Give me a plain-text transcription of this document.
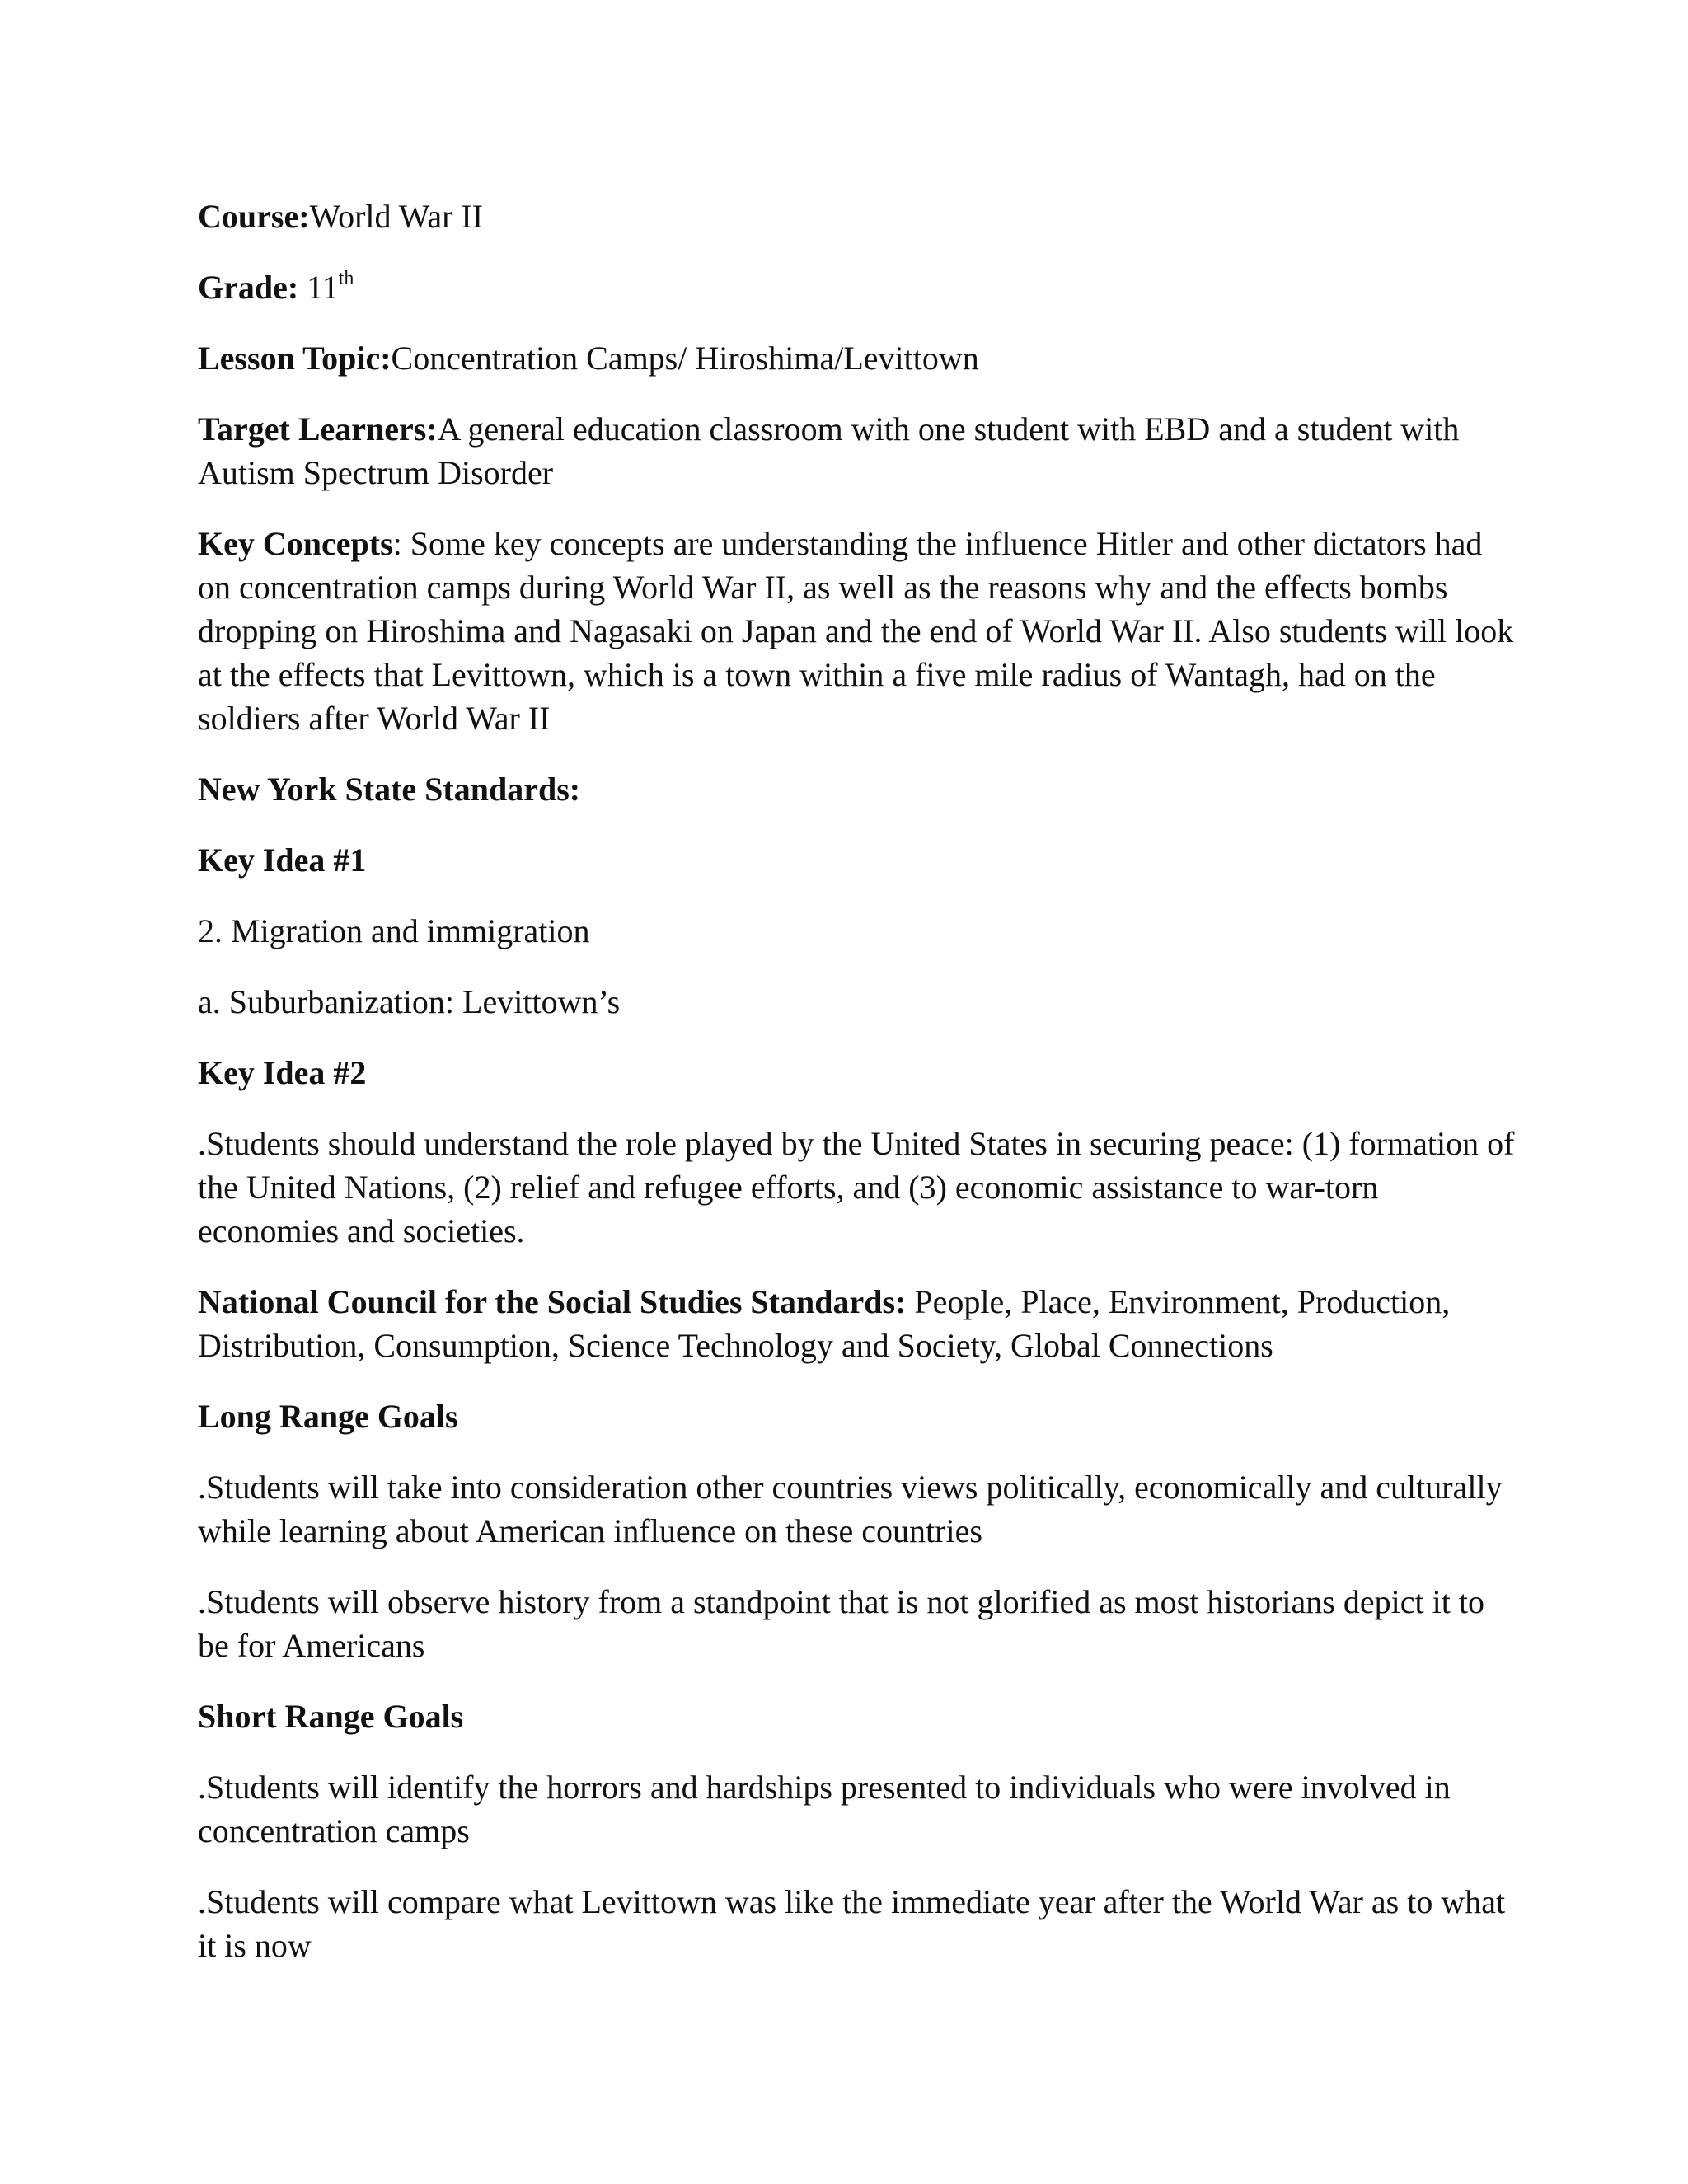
Course:World War II

Grade: 11th

Lesson Topic:Concentration Camps/ Hiroshima/Levittown

Target Learners:A general education classroom with one student with EBD and a student with Autism Spectrum Disorder

Key Concepts: Some key concepts are understanding the influence Hitler and other dictators had on concentration camps during World War II, as well as the reasons why and the effects bombs dropping on Hiroshima and Nagasaki on Japan and the end of World War II. Also students will look at the effects that Levittown, which is a town within a five mile radius of Wantagh, had on the soldiers after World War II

New York State Standards:

Key Idea #1

2. Migration and immigration

a. Suburbanization: Levittown’s

Key Idea #2

.Students should understand the role played by the United States in securing peace: (1) formation of the United Nations, (2) relief and refugee efforts, and (3) economic assistance to war-torn economies and societies.

National Council for the Social Studies Standards: People, Place, Environment, Production, Distribution, Consumption, Science Technology and Society, Global Connections

Long Range Goals

.Students will take into consideration other countries views politically, economically and culturally while learning about American influence on these countries

.Students will observe history from a standpoint that is not glorified as most historians depict it to be for Americans

Short Range Goals

.Students will identify the horrors and hardships presented to individuals who were involved in concentration camps

.Students will compare what Levittown was like the immediate year after the World War as to what it is now
